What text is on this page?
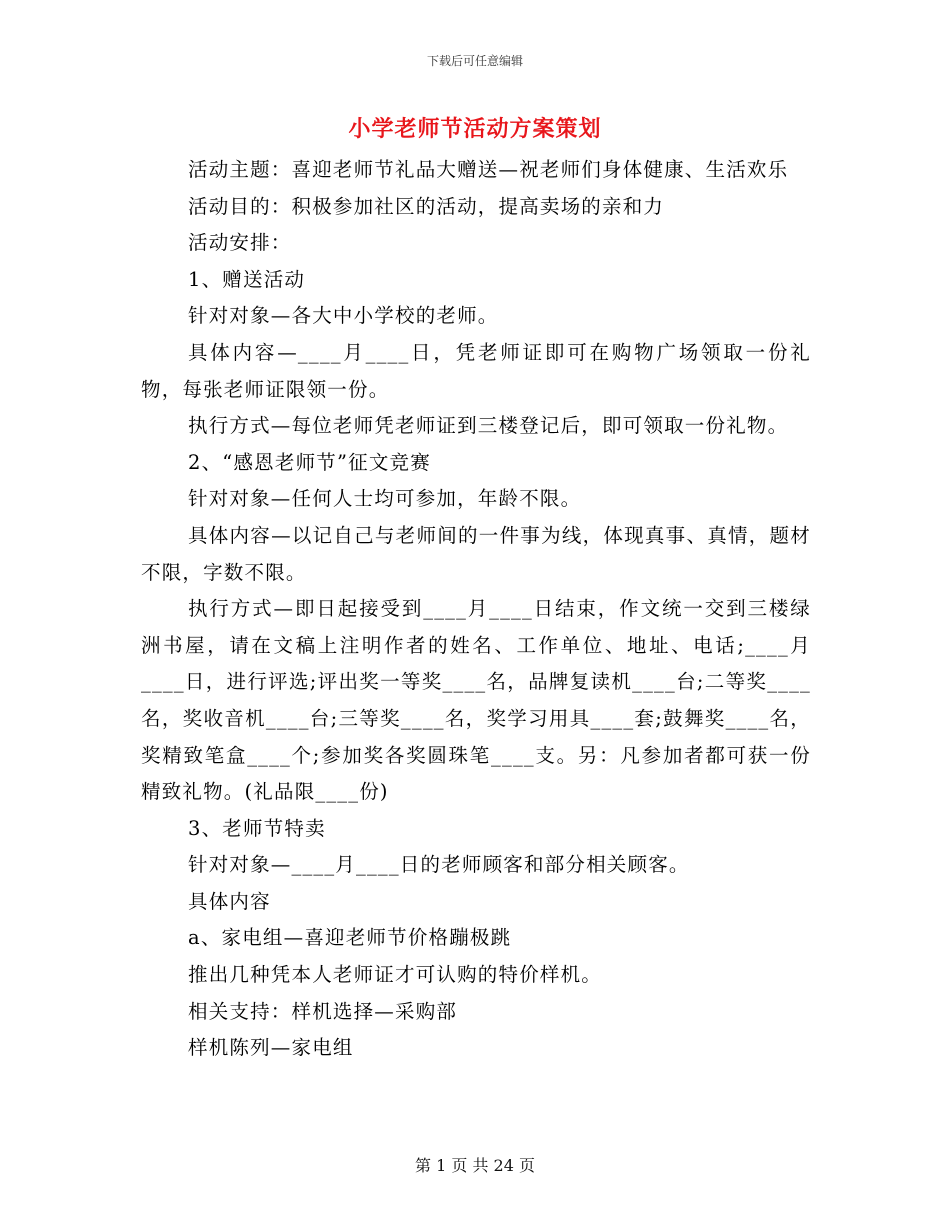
下载后可任意编辑
小学老师节活动方案策划

活动主题：喜迎老师节礼品大赠送—祝老师们身体健康、生活欢乐

活动目的：积极参加社区的活动，提高卖场的亲和力

活动安排：

1、赠送活动

针对对象—各大中小学校的老师。

具体内容—____月____日，凭老师证即可在购物广场领取一份礼物，每张老师证限领一份。

执行方式—每位老师凭老师证到三楼登记后，即可领取一份礼物。

2、“感恩老师节”征文竞赛

针对对象—任何人士均可参加，年龄不限。

具体内容—以记自己与老师间的一件事为线，体现真事、真情，题材不限，字数不限。

执行方式—即日起接受到____月____日结束，作文统一交到三楼绿洲书屋，请在文稿上注明作者的姓名、工作单位、地址、电话;____月____日，进行评选;评出奖一等奖____名，品牌复读机____台;二等奖____名，奖收音机____台;三等奖____名，奖学习用具____套;鼓舞奖____名，奖精致笔盒____个;参加奖各奖圆珠笔____支。另：凡参加者都可获一份精致礼物。(礼品限____份)

3、老师节特卖

针对对象—____月____日的老师顾客和部分相关顾客。

具体内容

a、家电组—喜迎老师节价格蹦极跳

推出几种凭本人老师证才可认购的特价样机。

相关支持：样机选择—采购部

样机陈列—家电组

第 1 页 共 24 页
